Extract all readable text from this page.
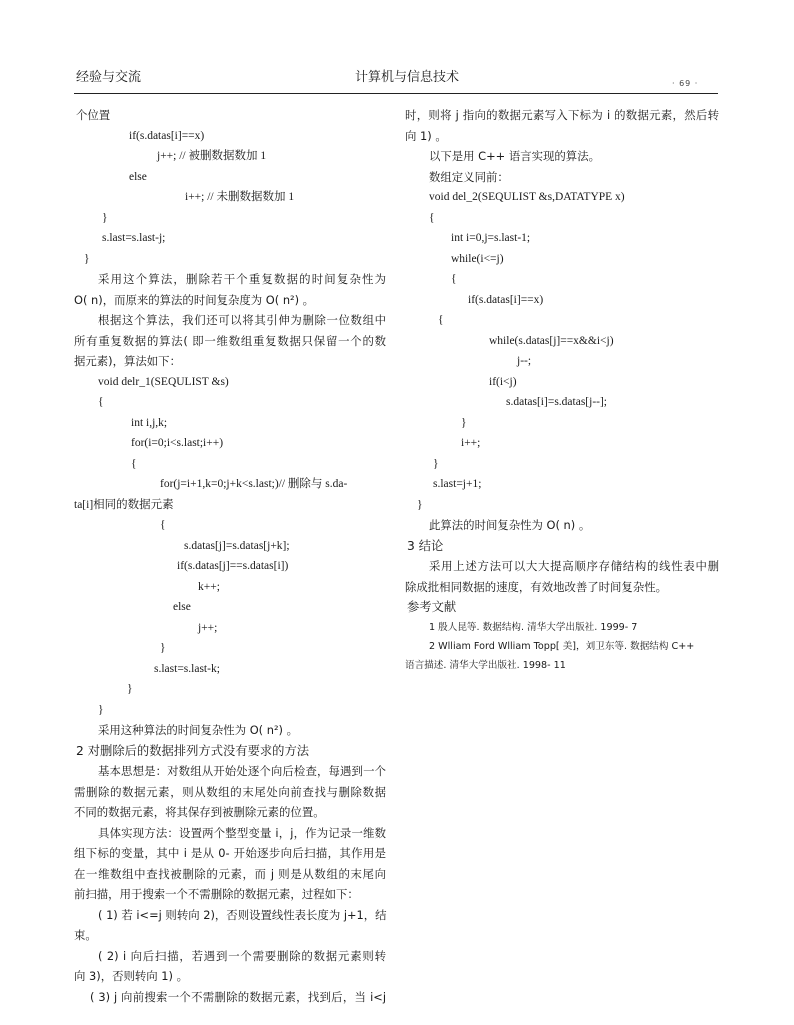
经验与交流	计算机与信息技术	· 69 ·
个位置
if(s.datas[i]==x)
j++; // 被删数据数加 1
else
i++; // 未删数据数加 1
}
s.last=s.last-j;
}
采用这个算法，删除若干个重复数据的时间复杂性为
O( n)，而原来的算法的时间复杂度为 O( n²) 。
根据这个算法，我们还可以将其引伸为删除一位数组中
所有重复数据的算法( 即一维数组重复数据只保留一个的数
据元素)，算法如下：
void delr_1(SEQULIST &s)
{
int i,j,k;
for(i=0;i<s.last;i++)
{
for(j=i+1,k=0;j+k<s.last;)// 删除与 s.da-
ta[i]相同的数据元素
{
s.datas[j]=s.datas[j+k];
if(s.datas[j]==s.datas[i])
k++;
else
j++;
}
s.last=s.last-k;
}
}
采用这种算法的时间复杂性为 O( n²) 。
2 对删除后的数据排列方式没有要求的方法
基本思想是：对数组从开始处逐个向后检查，每遇到一个
需删除的数据元素，则从数组的末尾处向前查找与删除数据
不同的数据元素，将其保存到被删除元素的位置。
具体实现方法：设置两个整型变量 i，j，作为记录一维数
组下标的变量，其中 i 是从 0- 开始逐步向后扫描，其作用是
在一维数组中查找被删除的元素，而 j 则是从数组的末尾向
前扫描，用于搜索一个不需删除的数据元素，过程如下：
( 1) 若 i<=j 则转向 2)，否则设置线性表长度为 j+1，结
束。
( 2) i 向后扫描，若遇到一个需要删除的数据元素则转
向 3)，否则转向 1) 。
( 3) j 向前搜索一个不需删除的数据元素，找到后，当 i<j
时，则将 j 指向的数据元素写入下标为 i 的数据元素，然后转
向 1) 。
以下是用 C++ 语言实现的算法。
数组定义同前：
void del_2(SEQULIST &s,DATATYPE x)
{
int i=0,j=s.last-1;
while(i<=j)
{
if(s.datas[i]==x)
{
while(s.datas[j]==x&&i<j)
j--;
if(i<j)
s.datas[i]=s.datas[j--];
}
i++;
}
s.last=j+1;
}
此算法的时间复杂性为 O( n) 。
3 结论
采用上述方法可以大大提高顺序存储结构的线性表中删
除成批相同数据的速度，有效地改善了时间复杂性。
参考文献
1 殷人昆等. 数据结构. 清华大学出版社. 1999- 7
2 Wlliam Ford Wlliam Topp[ 美]，刘卫东等. 数据结构 C++
语言描述. 清华大学出版社. 1998- 11
